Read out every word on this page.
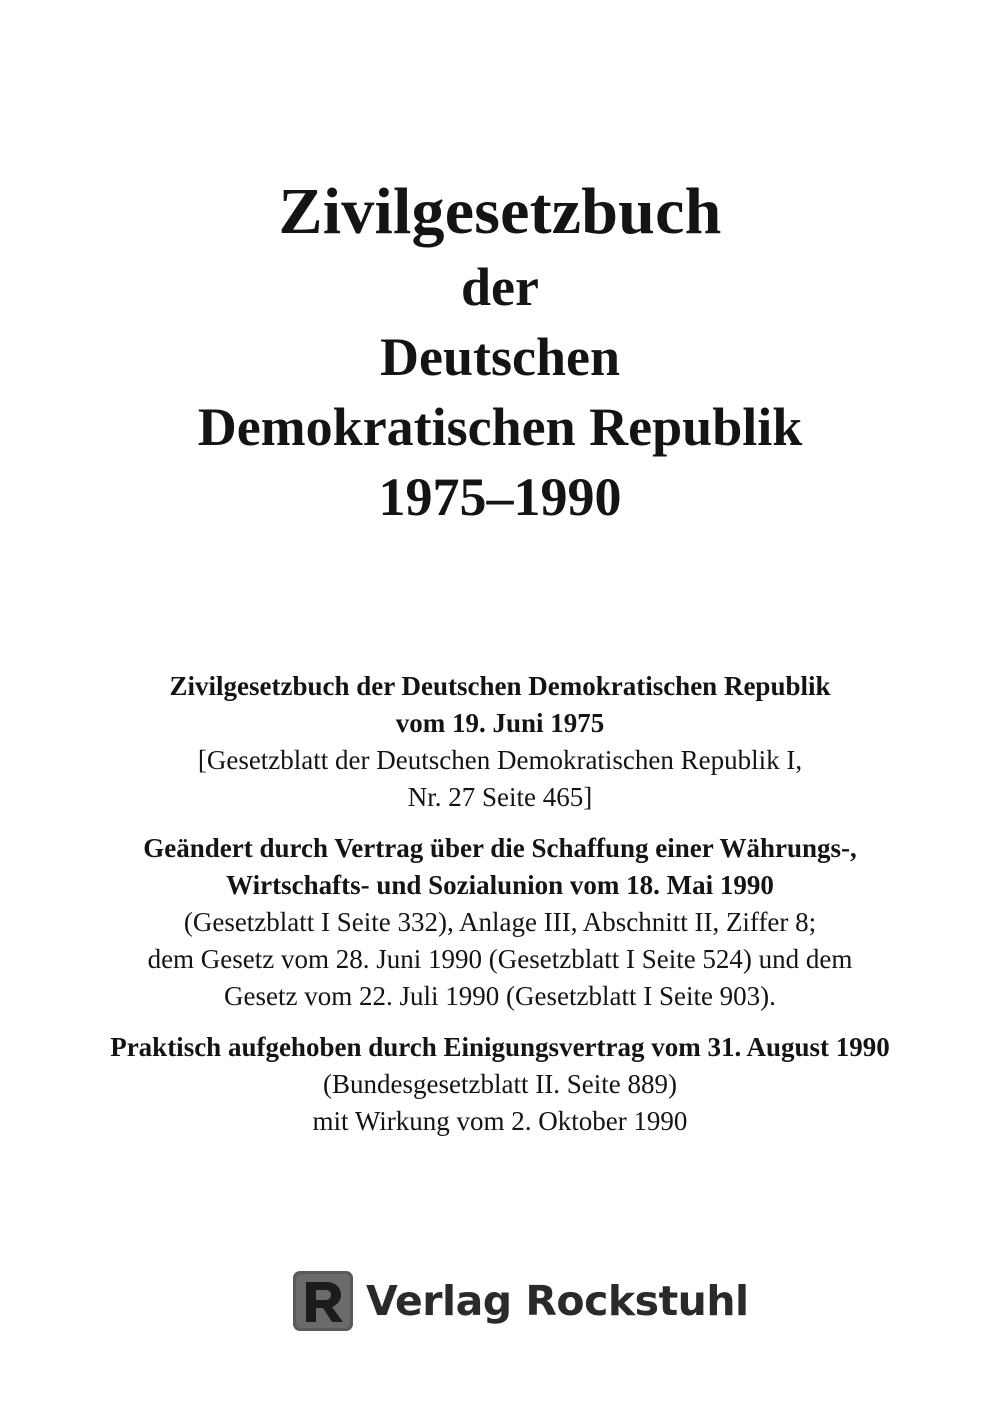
Zivilgesetzbuch
der
Deutschen
Demokratischen Republik
1975–1990
Zivilgesetzbuch der Deutschen Demokratischen Republik
vom 19. Juni 1975
[Gesetzblatt der Deutschen Demokratischen Republik I,
Nr. 27 Seite 465]
Geändert durch Vertrag über die Schaffung einer Währungs-,
Wirtschafts- und Sozialunion vom 18. Mai 1990
(Gesetzblatt I Seite 332), Anlage III, Abschnitt II, Ziffer 8;
dem Gesetz vom 28. Juni 1990 (Gesetzblatt I Seite 524) und dem
Gesetz vom 22. Juli 1990 (Gesetzblatt I Seite 903).
Praktisch aufgehoben durch Einigungsvertrag vom 31. August 1990
(Bundesgesetzblatt II. Seite 889)
mit Wirkung vom 2. Oktober 1990
Verlag Rockstuhl
